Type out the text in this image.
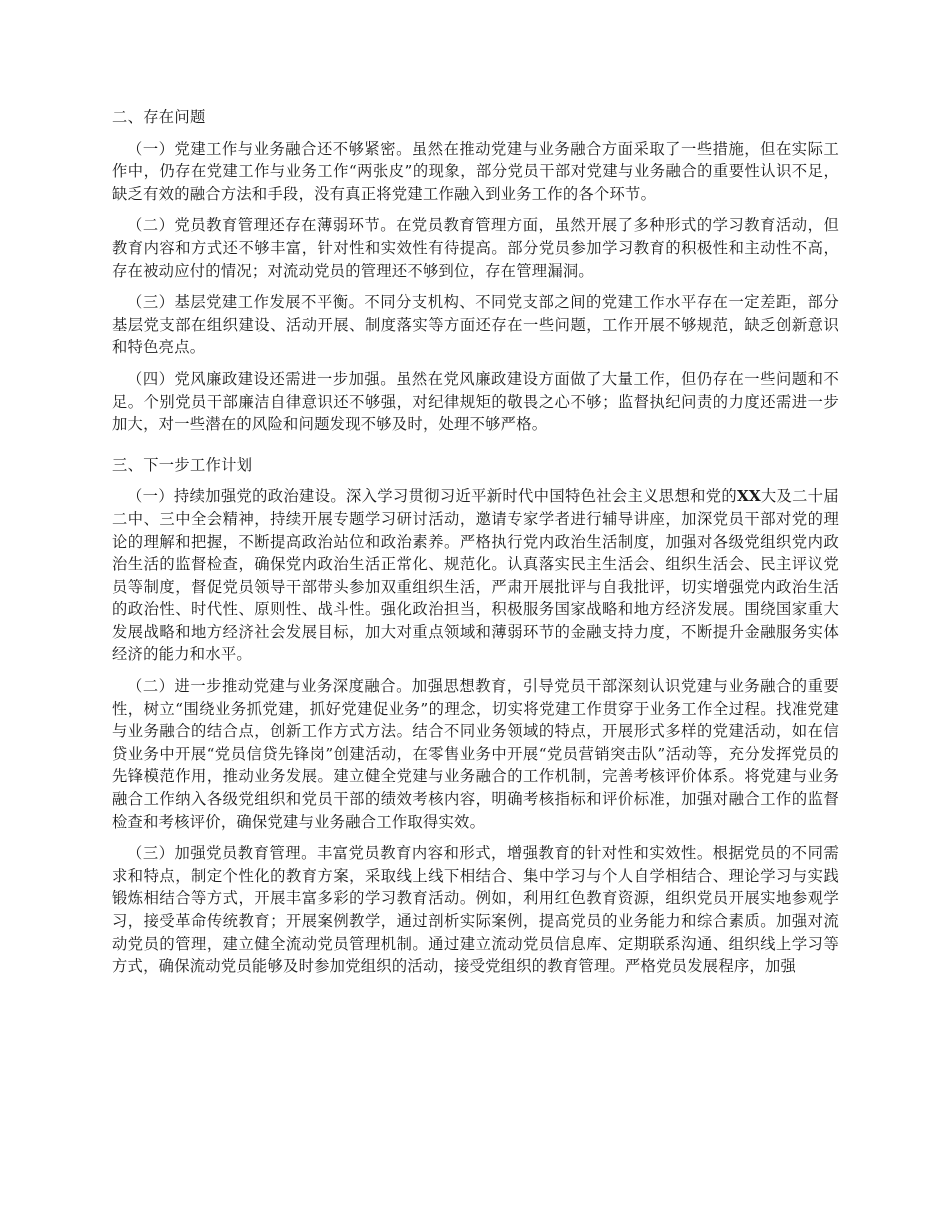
二、存在问题

（一）党建工作与业务融合还不够紧密。虽然在推动党建与业务融合方面采取了一些措施，但在实际工作中，仍存在党建工作与业务工作“两张皮”的现象，部分党员干部对党建与业务融合的重要性认识不足，缺乏有效的融合方法和手段，没有真正将党建工作融入到业务工作的各个环节。

（二）党员教育管理还存在薄弱环节。在党员教育管理方面，虽然开展了多种形式的学习教育活动，但教育内容和方式还不够丰富，针对性和实效性有待提高。部分党员参加学习教育的积极性和主动性不高，存在被动应付的情况；对流动党员的管理还不够到位，存在管理漏洞。

（三）基层党建工作发展不平衡。不同分支机构、不同党支部之间的党建工作水平存在一定差距，部分基层党支部在组织建设、活动开展、制度落实等方面还存在一些问题，工作开展不够规范，缺乏创新意识和特色亮点。

（四）党风廉政建设还需进一步加强。虽然在党风廉政建设方面做了大量工作，但仍存在一些问题和不足。个别党员干部廉洁自律意识还不够强，对纪律规矩的敬畏之心不够；监督执纪问责的力度还需进一步加大，对一些潜在的风险和问题发现不够及时，处理不够严格。

三、下一步工作计划

（一）持续加强党的政治建设。深入学习贯彻习近平新时代中国特色社会主义思想和党的XX大及二十届二中、三中全会精神，持续开展专题学习研讨活动，邀请专家学者进行辅导讲座，加深党员干部对党的理论的理解和把握，不断提高政治站位和政治素养。严格执行党内政治生活制度，加强对各级党组织党内政治生活的监督检查，确保党内政治生活正常化、规范化。认真落实民主生活会、组织生活会、民主评议党员等制度，督促党员领导干部带头参加双重组织生活，严肃开展批评与自我批评，切实增强党内政治生活的政治性、时代性、原则性、战斗性。强化政治担当，积极服务国家战略和地方经济发展。围绕国家重大发展战略和地方经济社会发展目标，加大对重点领域和薄弱环节的金融支持力度，不断提升金融服务实体经济的能力和水平。

（二）进一步推动党建与业务深度融合。加强思想教育，引导党员干部深刻认识党建与业务融合的重要性，树立“围绕业务抓党建，抓好党建促业务”的理念，切实将党建工作贯穿于业务工作全过程。找准党建与业务融合的结合点，创新工作方式方法。结合不同业务领域的特点，开展形式多样的党建活动，如在信贷业务中开展“党员信贷先锋岗”创建活动，在零售业务中开展“党员营销突击队”活动等，充分发挥党员的先锋模范作用，推动业务发展。建立健全党建与业务融合的工作机制，完善考核评价体系。将党建与业务融合工作纳入各级党组织和党员干部的绩效考核内容，明确考核指标和评价标准，加强对融合工作的监督检查和考核评价，确保党建与业务融合工作取得实效。

（三）加强党员教育管理。丰富党员教育内容和形式，增强教育的针对性和实效性。根据党员的不同需求和特点，制定个性化的教育方案，采取线上线下相结合、集中学习与个人自学相结合、理论学习与实践锻炼相结合等方式，开展丰富多彩的学习教育活动。例如，利用红色教育资源，组织党员开展实地参观学习，接受革命传统教育；开展案例教学，通过剖析实际案例，提高党员的业务能力和综合素质。加强对流动党员的管理，建立健全流动党员管理机制。通过建立流动党员信息库、定期联系沟通、组织线上学习等方式，确保流动党员能够及时参加党组织的活动，接受党组织的教育管理。严格党员发展程序，加强
